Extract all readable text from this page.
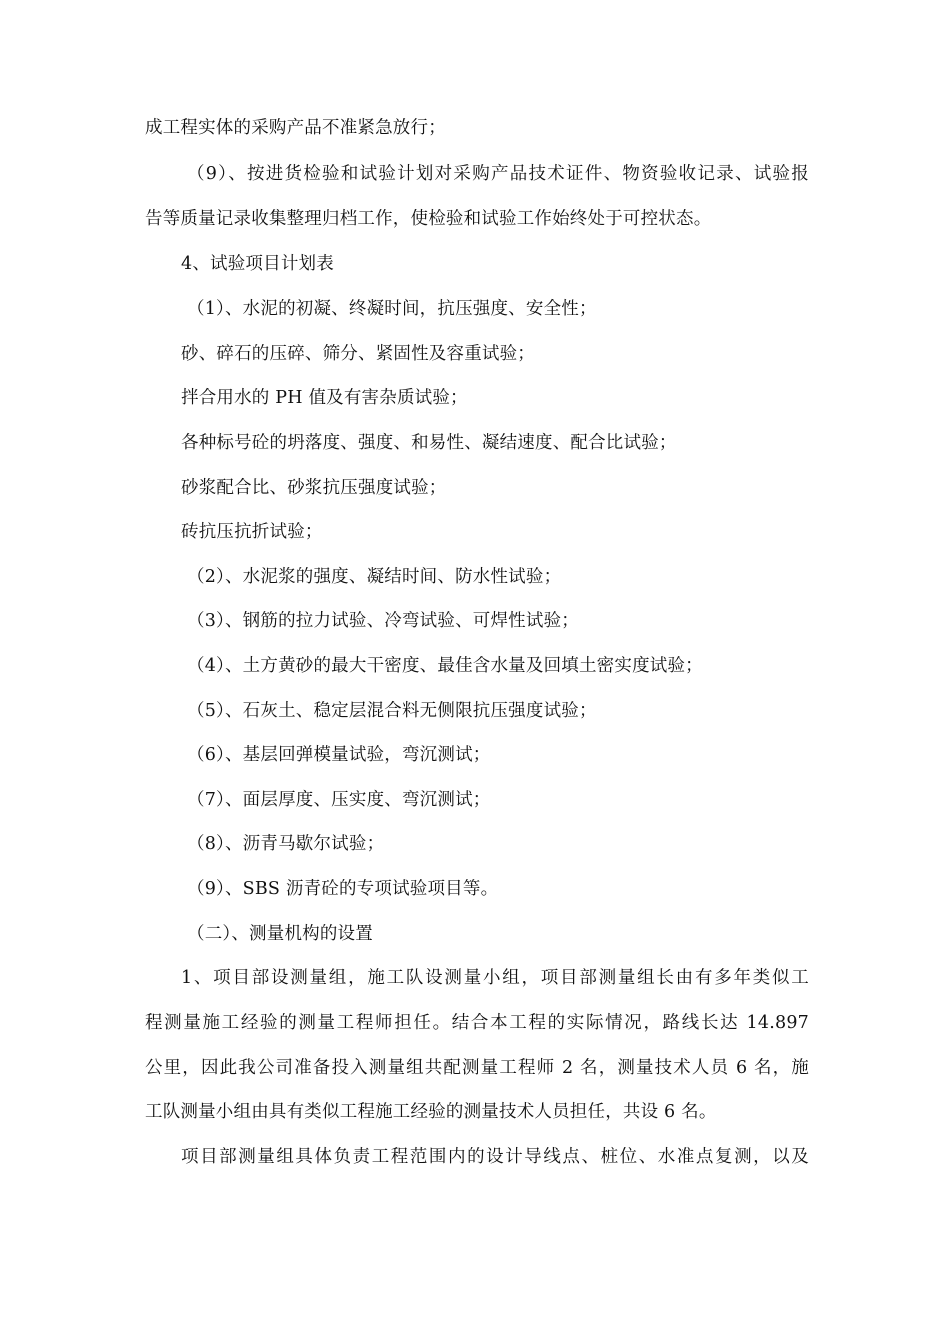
成工程实体的采购产品不准紧急放行；
（9）、按进货检验和试验计划对采购产品技术证件、物资验收记录、试验报
告等质量记录收集整理归档工作，使检验和试验工作始终处于可控状态。
4、试验项目计划表
（1）、水泥的初凝、终凝时间，抗压强度、安全性；
砂、碎石的压碎、筛分、紧固性及容重试验；
拌合用水的 PH 值及有害杂质试验；
各种标号砼的坍落度、强度、和易性、凝结速度、配合比试验；
砂浆配合比、砂浆抗压强度试验；
砖抗压抗折试验；
（2）、水泥浆的强度、凝结时间、防水性试验；
（3）、钢筋的拉力试验、冷弯试验、可焊性试验；
（4）、土方黄砂的最大干密度、最佳含水量及回填土密实度试验；
（5）、石灰土、稳定层混合料无侧限抗压强度试验；
（6）、基层回弹模量试验，弯沉测试；
（7）、面层厚度、压实度、弯沉测试；
（8）、沥青马歇尔试验；
（9）、SBS 沥青砼的专项试验项目等。
（二）、测量机构的设置
1、项目部设测量组，施工队设测量小组，项目部测量组长由有多年类似工
程测量施工经验的测量工程师担任。结合本工程的实际情况，路线长达 14.897
公里，因此我公司准备投入测量组共配测量工程师 2 名，测量技术人员 6 名，施
工队测量小组由具有类似工程施工经验的测量技术人员担任，共设 6 名。
项目部测量组具体负责工程范围内的设计导线点、桩位、水准点复测，以及
